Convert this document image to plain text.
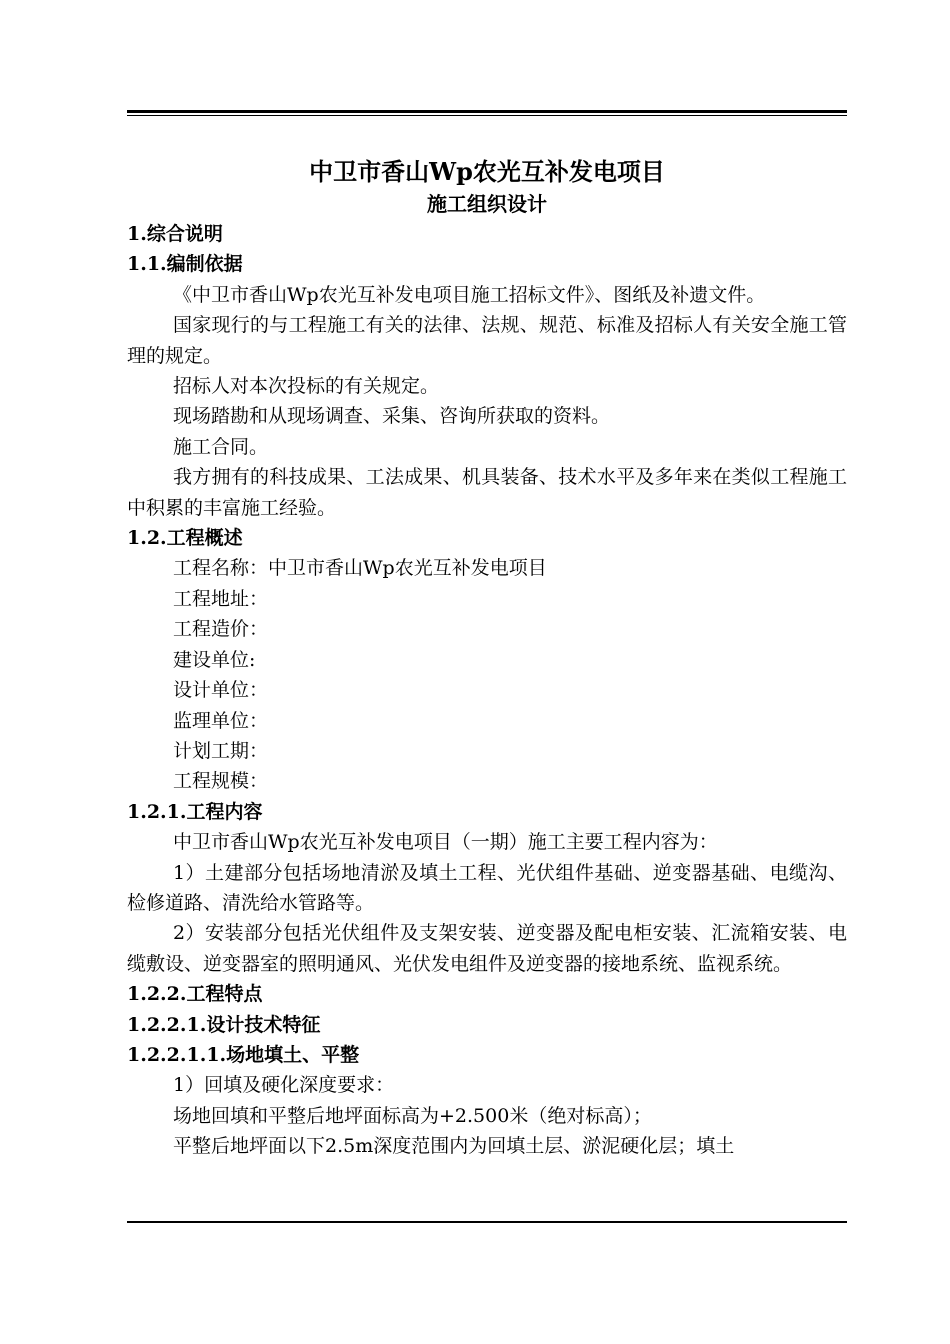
中卫市香山Wp农光互补发电项目

施工组织设计

1.综合说明

1.1.编制依据

《中卫市香山Wp农光互补发电项目施工招标文件》、图纸及补遗文件。

国家现行的与工程施工有关的法律、法规、规范、标准及招标人有关安全施工管理的规定。

招标人对本次投标的有关规定。

现场踏勘和从现场调查、采集、咨询所获取的资料。

施工合同。

我方拥有的科技成果、工法成果、机具装备、技术水平及多年来在类似工程施工中积累的丰富施工经验。

1.2.工程概述

工程名称：中卫市香山Wp农光互补发电项目

工程地址：

工程造价：

建设单位:

设计单位：

监理单位：

计划工期：

工程规模：

1.2.1.工程内容

中卫市香山Wp农光互补发电项目（一期）施工主要工程内容为：

1）土建部分包括场地清淤及填土工程、光伏组件基础、逆变器基础、电缆沟、检修道路、清洗给水管路等。

2）安装部分包括光伏组件及支架安装、逆变器及配电柜安装、汇流箱安装、电缆敷设、逆变器室的照明通风、光伏发电组件及逆变器的接地系统、监视系统。

1.2.2.工程特点

1.2.2.1.设计技术特征

1.2.2.1.1.场地填土、平整

1）回填及硬化深度要求：

场地回填和平整后地坪面标高为+2.500米（绝对标高）；

平整后地坪面以下2.5m深度范围内为回填土层、淤泥硬化层；填土
